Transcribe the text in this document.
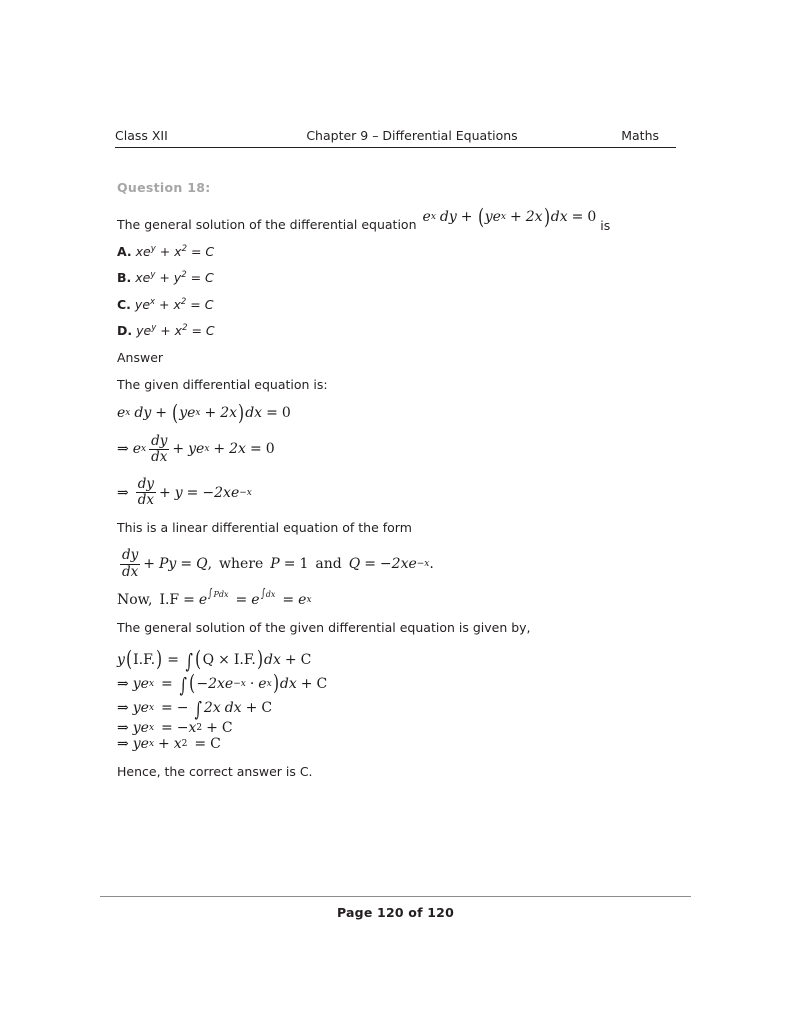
Class XII	Chapter 9 – Differential Equations	Maths
Question 18:
The general solution of the differential equation e x dy + ( ye x + 2x ) dx = 0 is
A. $xe^y + x^2 = C$
B. $xe^y + y^2 = C$
C. $ye^x + x^2 = C$
D. $ye^y + x^2 = C$
Answer
The given differential equation is:
e x dy + ( ye x + 2x ) dx = 0
⇒ e x $\frac{dy}{dx}$ + ye x + 2x = 0
⇒ $\frac{dy}{dx} + y$ = − 2xe −x
This is a linear differential equation of the form
$\frac{dy}{dx} + Py = Q$ , where P = 1 and Q = − 2xe −x .
Now, I.F = e ∫Pdx = e ∫dx = e x
The general solution of the given differential equation is given by,
y ( I.F. ) = ∫ ( Q × I.F. ) dx + C
⇒ ye x = ∫ ( − 2xe −x · e x ) dx + C
⇒ ye x = − ∫ 2x dx + C
⇒ ye x = − x 2 + C
⇒ ye x + x 2 = C
Hence, the correct answer is C.
Page 120 of 120
